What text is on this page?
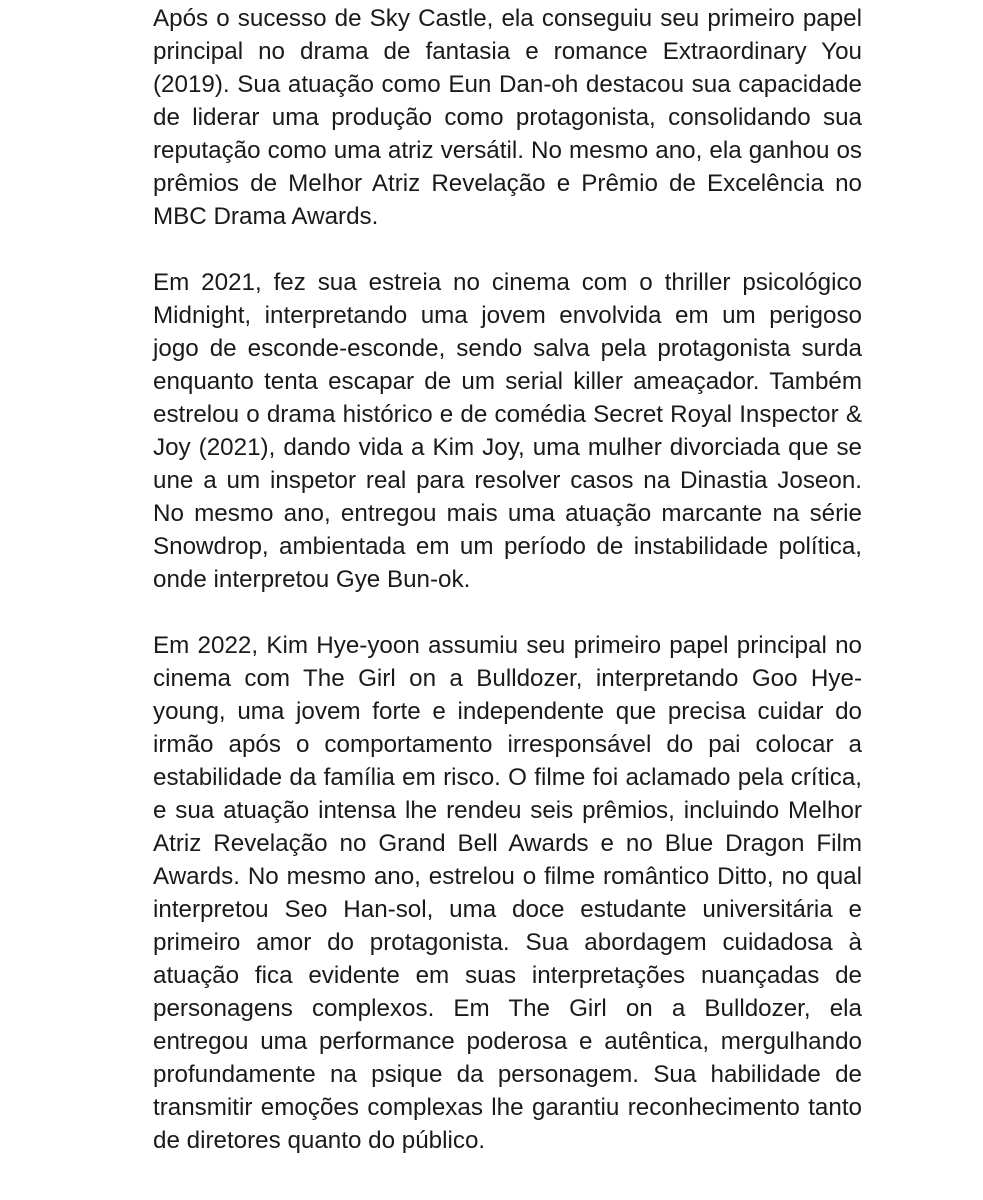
Após o sucesso de Sky Castle, ela conseguiu seu primeiro papel principal no drama de fantasia e romance Extraordinary You (2019). Sua atuação como Eun Dan-oh destacou sua capacidade de liderar uma produção como protagonista, consolidando sua reputação como uma atriz versátil. No mesmo ano, ela ganhou os prêmios de Melhor Atriz Revelação e Prêmio de Excelência no MBC Drama Awards.

Em 2021, fez sua estreia no cinema com o thriller psicológico Midnight, interpretando uma jovem envolvida em um perigoso jogo de esconde-esconde, sendo salva pela protagonista surda enquanto tenta escapar de um serial killer ameaçador. Também estrelou o drama histórico e de comédia Secret Royal Inspector & Joy (2021), dando vida a Kim Joy, uma mulher divorciada que se une a um inspetor real para resolver casos na Dinastia Joseon. No mesmo ano, entregou mais uma atuação marcante na série Snowdrop, ambientada em um período de instabilidade política, onde interpretou Gye Bun-ok.

Em 2022, Kim Hye-yoon assumiu seu primeiro papel principal no cinema com The Girl on a Bulldozer, interpretando Goo Hye-young, uma jovem forte e independente que precisa cuidar do irmão após o comportamento irresponsável do pai colocar a estabilidade da família em risco. O filme foi aclamado pela crítica, e sua atuação intensa lhe rendeu seis prêmios, incluindo Melhor Atriz Revelação no Grand Bell Awards e no Blue Dragon Film Awards. No mesmo ano, estrelou o filme romântico Ditto, no qual interpretou Seo Han-sol, uma doce estudante universitária e primeiro amor do protagonista. Sua abordagem cuidadosa à atuação fica evidente em suas interpretações nuançadas de personagens complexos. Em The Girl on a Bulldozer, ela entregou uma performance poderosa e autêntica, mergulhando profundamente na psique da personagem. Sua habilidade de transmitir emoções complexas lhe garantiu reconhecimento tanto de diretores quanto do público.
